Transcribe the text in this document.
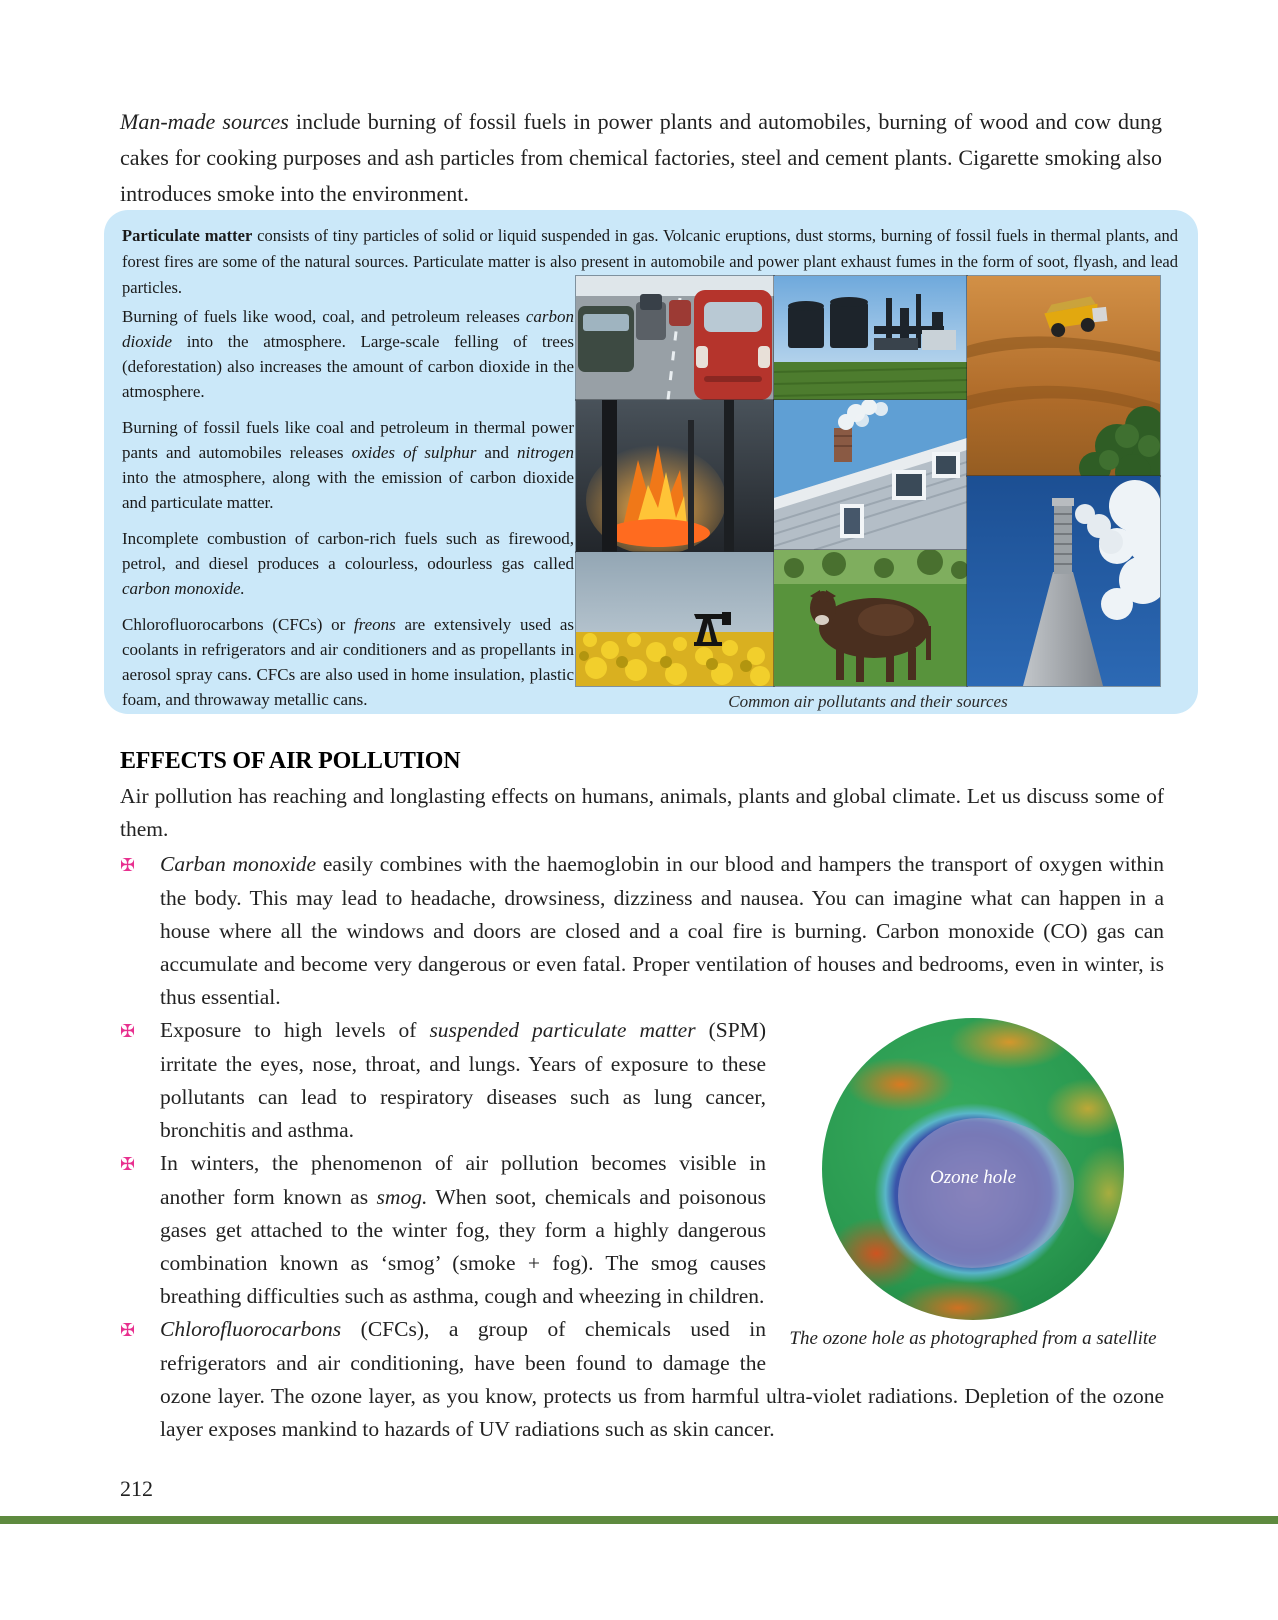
Man-made sources include burning of fossil fuels in power plants and automobiles, burning of wood and cow dung cakes for cooking purposes and ash particles from chemical factories, steel and cement plants. Cigarette smoking also introduces smoke into the environment.

Particulate matter consists of tiny particles of solid or liquid suspended in gas. Volcanic eruptions, dust storms, burning of fossil fuels in thermal plants, and forest fires are some of the natural sources. Particulate matter is also present in automobile and power plant exhaust fumes in the form of soot, flyash, and lead particles.

Burning of fuels like wood, coal, and petroleum releases carbon dioxide into the atmosphere. Large-scale felling of trees (deforestation) also increases the amount of carbon dioxide in the atmosphere.

Burning of fossil fuels like coal and petroleum in thermal power pants and automobiles releases oxides of sulphur and nitrogen into the atmosphere, along with the emission of carbon dioxide and particulate matter.

Incomplete combustion of carbon-rich fuels such as firewood, petrol, and diesel produces a colourless, odourless gas called carbon monoxide.

Chlorofluorocarbons (CFCs) or freons are extensively used as coolants in refrigerators and air conditioners and as propellants in aerosol spray cans. CFCs are also used in home insulation, plastic foam, and throwaway metallic cans.	Common air pollutants and their sources
EFFECTS OF AIR POLLUTION

Air pollution has reaching and longlasting effects on humans, animals, plants and global climate. Let us discuss some of them.

✠ Carban monoxide easily combines with the haemoglobin in our blood and hampers the transport of oxygen within the body. This may lead to headache, drowsiness, dizziness and nausea. You can imagine what can happen in a house where all the windows and doors are closed and a coal fire is burning. Carbon monoxide (CO) gas can accumulate and become very dangerous or even fatal. Proper ventilation of houses and bedrooms, even in winter, is thus essential.
Ozone hole
The ozone hole as photographed from a satellite
✠ Exposure to high levels of suspended particulate matter (SPM) irritate the eyes, nose, throat, and lungs. Years of exposure to these pollutants can lead to respiratory diseases such as lung cancer, bronchitis and asthma.
✠ In winters, the phenomenon of air pollution becomes visible in another form known as smog. When soot, chemicals and poisonous gases get attached to the winter fog, they form a highly dangerous combination known as ‘smog’ (smoke + fog). The smog causes breathing difficulties such as asthma, cough and wheezing in children.
✠ Chlorofluorocarbons (CFCs), a group of chemicals used in refrigerators and air conditioning, have been found to damage the ozone layer. The ozone layer, as you know, protects us from harmful ultra-violet radiations. Depletion of the ozone layer exposes mankind to hazards of UV radiations such as skin cancer.
212
